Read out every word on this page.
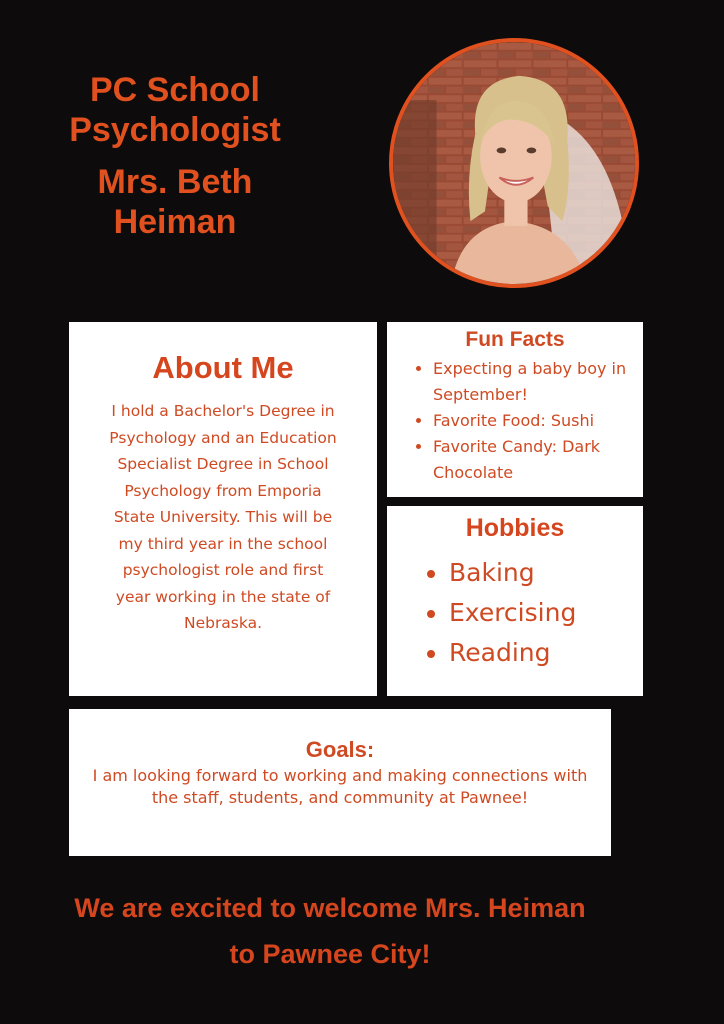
PC School Psychologist
Mrs. Beth Heiman
About Me

I hold a Bachelor's Degree in Psychology and an Education Specialist Degree in School Psychology from Emporia State University. This will be my third year in the school psychologist role and first year working in the state of Nebraska.

Fun Facts
• Expecting a baby boy in September!
• Favorite Food: Sushi
• Favorite Candy: Dark Chocolate
Hobbies
• Baking
• Exercising
• Reading
Goals:

I am looking forward to working and making connections with the staff, students, and community at Pawnee!

We are excited to welcome Mrs. Heiman to Pawnee City!
